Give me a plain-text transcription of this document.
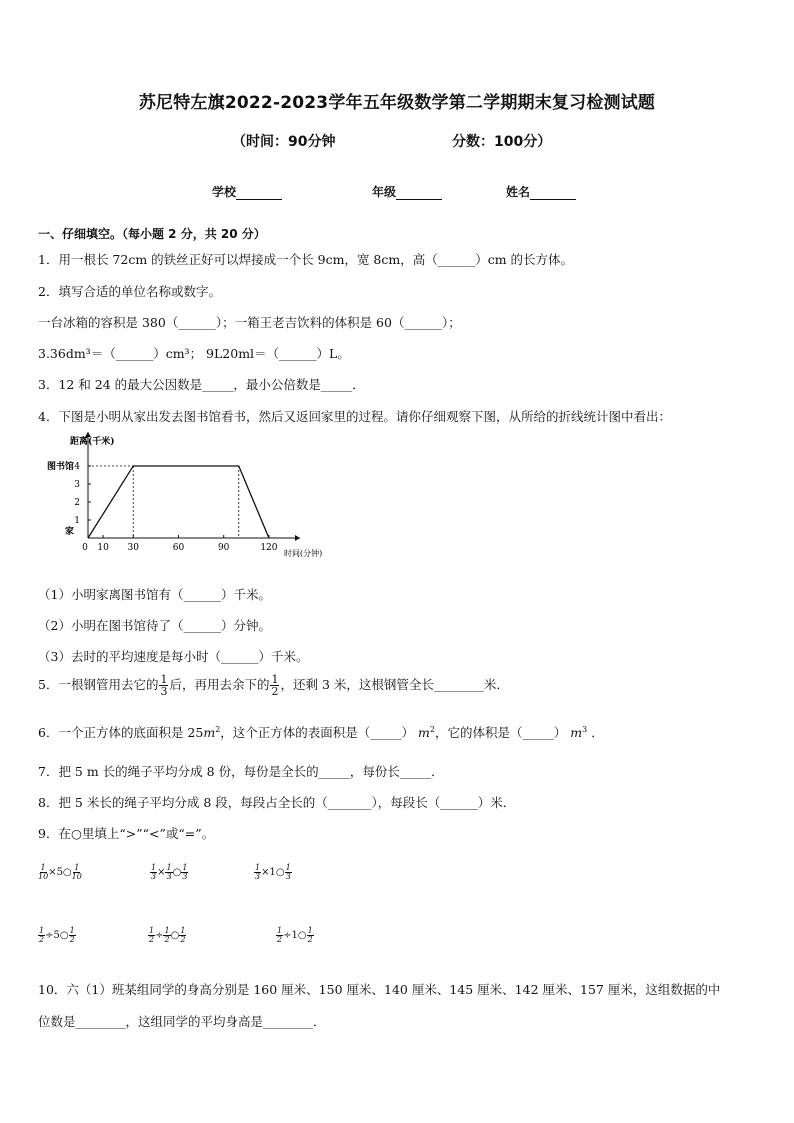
苏尼特左旗2022-2023学年五年级数学第二学期期末复习检测试题
（时间：90分钟	分数：100分）
学校	年级	姓名
一、仔细填空。（每小题 2 分，共 20 分）
1．用一根长 72cm 的铁丝正好可以焊接成一个长 9cm，宽 8cm，高（______）cm 的长方体。
2．填写合适的单位名称或数字。
一台冰箱的容积是 380（______）；一箱王老吉饮料的体积是 60（______）；
3.36dm³＝（______）cm³； 9L20ml＝（______）L。
3．12 和 24 的最大公因数是_____，最小公倍数是_____．
4．下图是小明从家出发去图书馆看书，然后又返回家里的过程。请你仔细观察下图，从所给的折线统计图中看出：
距离(千米)
时间(分钟)
1
2
3
4
图书馆
家
0 10 30	60	90	120
（1）小明家离图书馆有（______）千米。
（2）小明在图书馆待了（______）分钟。
（3）去时的平均速度是每小时（______）千米。
5．一根钢管用去它的 $\frac{1}{3}$ 后，再用去余下的 $\frac{1}{2}$ ，还剩 3 米，这根钢管全长________米．
6．一个正方体的底面积是 $25m^2$，这个正方体的表面积是（_____） $m^2$，它的体积是（_____） $m^3$ ．
7．把 5 m 长的绳子平均分成 8 份，每份是全长的_____，每份长_____．
8．把 5 米长的绳子平均分成 8 段，每段占全长的（_______），每段长（______）米．
9．在○里填上“>”“<”或“=”。
$\frac{1}{10}$ ×5○ $\frac{1}{10}$	$\frac{1}{3} \times \frac{1}{3}$ ○ $\frac{1}{3}$	$\frac{1}{3}$ ×1○ $\frac{1}{3}$
$\frac{1}{2}$ ÷5○ $\frac{1}{2}$	$\frac{1}{2} \div \frac{1}{2}$ ○ $\frac{1}{2}$	$\frac{1}{2}$ ÷1○ $\frac{1}{2}$
10．六（1）班某组同学的身高分别是 160 厘米、150 厘米、140 厘米、145 厘米、142 厘米、157 厘米，这组数据的中
位数是________，这组同学的平均身高是________．
